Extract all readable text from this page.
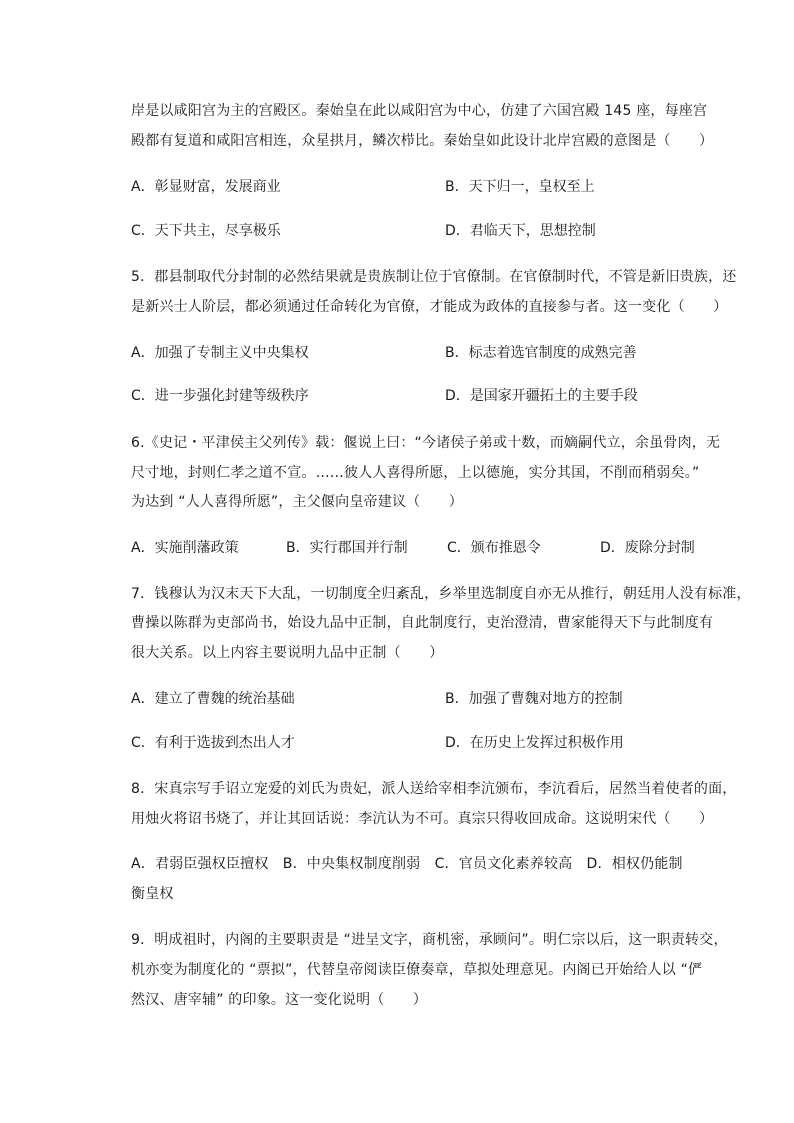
岸是以咸阳宫为主的宫殿区。秦始皇在此以咸阳宫为中心，仿建了六国宫殿 145 座，每座宫
殿都有复道和咸阳宫相连，众星拱月，鳞次栉比。秦始皇如此设计北岸宫殿的意图是（　　）
A．彰显财富，发展商业	B．天下归一，皇权至上
C．天下共主，尽享极乐	D．君临天下，思想控制
5．郡县制取代分封制的必然结果就是贵族制让位于官僚制。在官僚制时代，不管是新旧贵族，还
是新兴士人阶层，都必须通过任命转化为官僚，才能成为政体的直接参与者。这一变化（　　）
A．加强了专制主义中央集权	B．标志着选官制度的成熟完善
C．进一步强化封建等级秩序	D．是国家开疆拓土的主要手段
6.《史记・平津侯主父列传》载：偃说上曰：“今诸侯子弟或十数，而嫡嗣代立，余虽骨肉，无
尺寸地，封则仁孝之道不宣。……彼人人喜得所愿，上以德施，实分其国，不削而稍弱矣。”
为达到 “人人喜得所愿”，主父偃向皇帝建议（　　）
A．实施削藩政策	B．实行郡国并行制	C．颁布推恩令	D．废除分封制
7．钱穆认为汉末天下大乱，一切制度全归紊乱，乡举里选制度自亦无从推行，朝廷用人没有标准，
曹操以陈群为吏部尚书，始设九品中正制，自此制度行，吏治澄清，曹家能得天下与此制度有
很大关系。以上内容主要说明九品中正制（　　）
A．建立了曹魏的统治基础	B．加强了曹魏对地方的控制
C．有利于选拔到杰出人才	D．在历史上发挥过积极作用
8．宋真宗写手诏立宠爱的刘氏为贵妃，派人送给宰相李沆颁布，李沆看后，居然当着使者的面，
用烛火将诏书烧了，并让其回话说：李沆认为不可。真宗只得收回成命。这说明宋代（　　）
A．君弱臣强权臣擅权　B．中央集权制度削弱　C．官员文化素养较高　D．相权仍能制
衡皇权
9．明成祖时，内阁的主要职责是 “进呈文字，商机密，承顾问”。明仁宗以后，这一职责转交，
机亦变为制度化的 “票拟”，代替皇帝阅读臣僚奏章，草拟处理意见。内阁已开始给人以 “俨
然汉、唐宰辅” 的印象。这一变化说明（　　）
